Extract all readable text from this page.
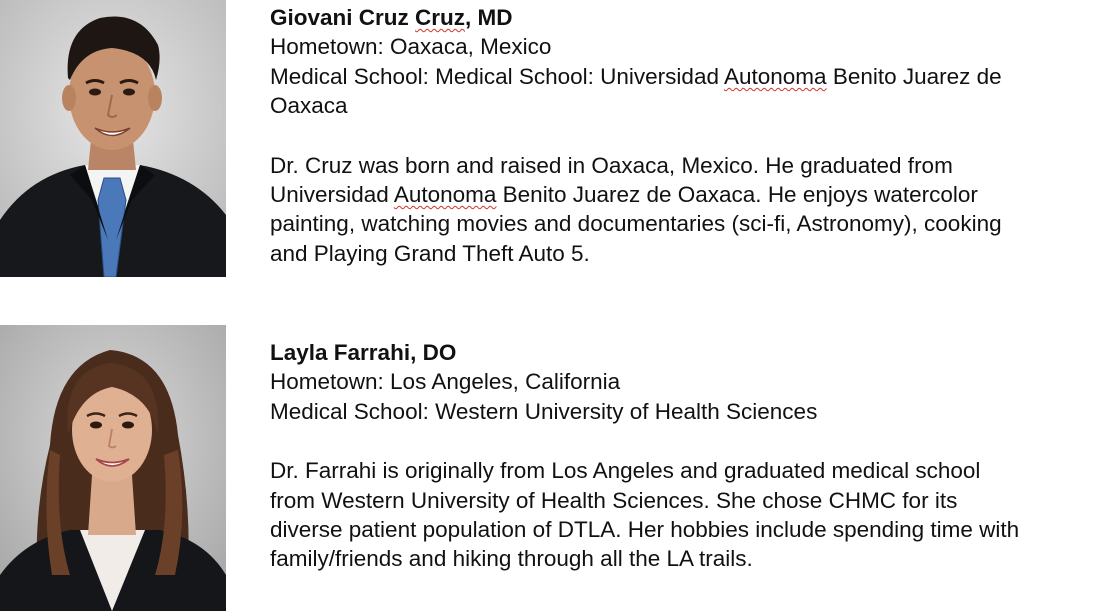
Giovani Cruz Cruz, MD
Hometown: Oaxaca, Mexico
Medical School: Medical School: Universidad Autonoma Benito Juarez de
Oaxaca
Dr. Cruz was born and raised in Oaxaca, Mexico. He graduated from
Universidad Autonoma Benito Juarez de Oaxaca. He enjoys watercolor
painting, watching movies and documentaries (sci-fi, Astronomy), cooking
and Playing Grand Theft Auto 5.
Layla Farrahi, DO
Hometown: Los Angeles, California
Medical School: Western University of Health Sciences
Dr. Farrahi is originally from Los Angeles and graduated medical school
from Western University of Health Sciences. She chose CHMC for its
diverse patient population of DTLA. Her hobbies include spending time with
family/friends and hiking through all the LA trails.
